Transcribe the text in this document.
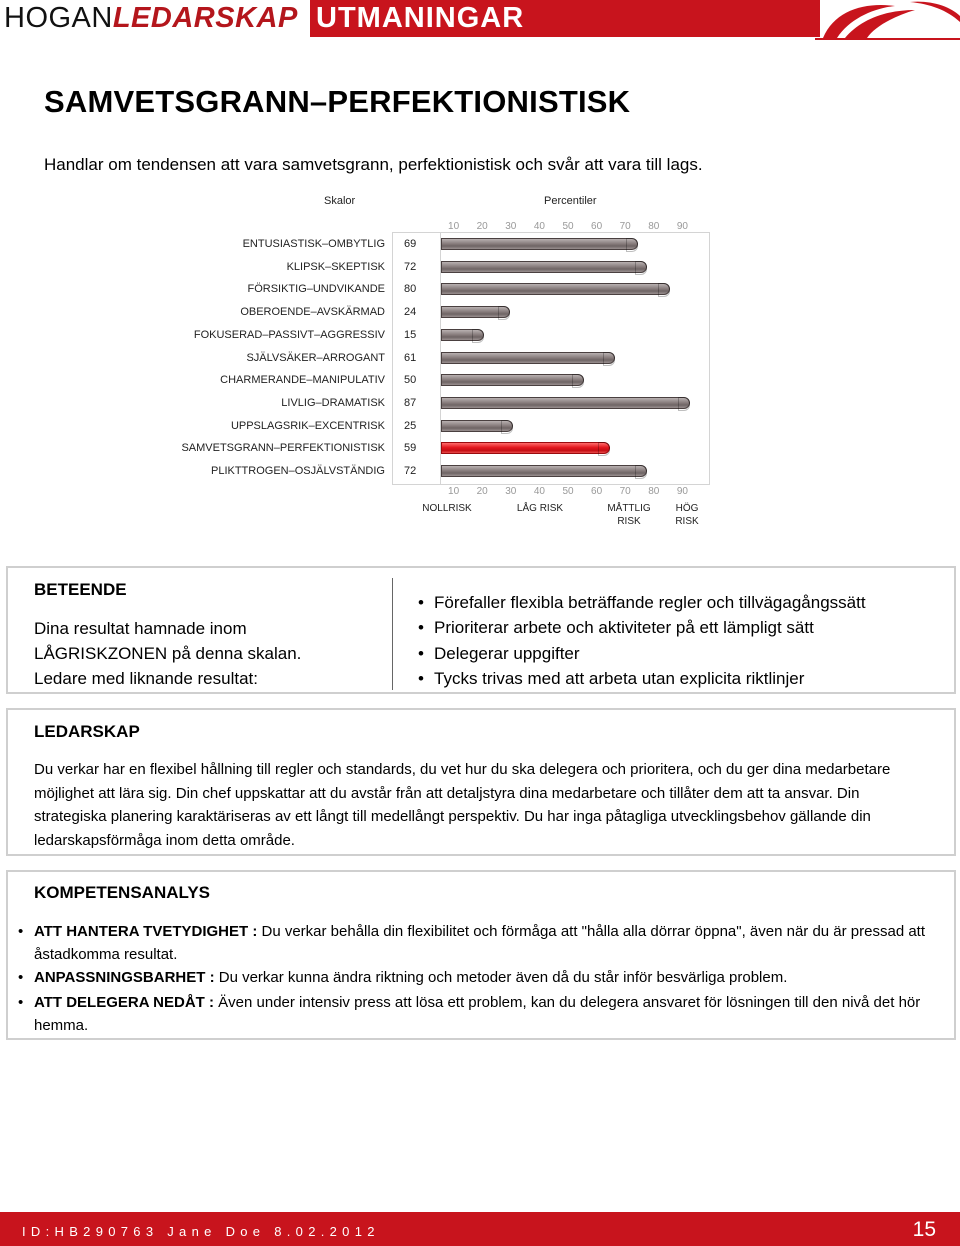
HOGANLEDARSKAP UTMANINGAR
SAMVETSGRANN–PERFEKTIONISTISK
Handlar om tendensen att vara samvetsgrann, perfektionistisk och svår att vara till lags.
Skalor	Percentiler
ENTUSIASTISK–OMBYTLIG 69
KLIPSK–SKEPTISK 72
FÖRSIKTIG–UNDVIKANDE 80
OBEROENDE–AVSKÄRMAD 24
FOKUSERAD–PASSIVT–AGGRESSIV 15
SJÄLVSÄKER–ARROGANT 61
CHARMERANDE–MANIPULATIV 50
LIVLIG–DRAMATISK 87
UPPSLAGSRIK–EXCENTRISK 25
SAMVETSGRANN–PERFEKTIONISTISK 59
PLIKTTROGEN–OSJÄLVSTÄNDIG 72
10
10
20
20
30
30
40
40
50
50
60
60
70
70
80
80
90
90
NOLLRISK	LÅG RISK	MÅTTLIG RISK
HÖG RISK
BETEENDE
Dina resultat hamnade inom
LÅGRISKZONEN på denna skalan.
Ledare med liknande resultat:
• Förefaller flexibla beträffande regler och tillvägagångssätt
• Prioriterar arbete och aktiviteter på ett lämpligt sätt
• Delegerar uppgifter
• Tycks trivas med att arbeta utan explicita riktlinjer
LEDARSKAP
Du verkar har en flexibel hållning till regler och standards, du vet hur du ska delegera och prioritera, och du ger dina medarbetare möjlighet att lära sig. Din chef uppskattar att du avstår från att detaljstyra dina medarbetare och tillåter dem att ta ansvar. Din strategiska planering karaktäriseras av ett långt till medellångt perspektiv. Du har inga påtagliga utvecklingsbehov gällande din ledarskapsförmåga inom detta område.
KOMPETENSANALYS
• ATT HANTERA TVETYDIGHET : Du verkar behålla din flexibilitet och förmåga att "hålla alla dörrar öppna", även när du är pressad att åstadkomma resultat.
• ANPASSNINGSBARHET : Du verkar kunna ändra riktning och metoder även då du står inför besvärliga problem.
• ATT DELEGERA NEDÅT : Även under intensiv press att lösa ett problem, kan du delegera ansvaret för lösningen till den nivå det hör hemma.
ID:HB290763 Jane Doe 8.02.2012	15
